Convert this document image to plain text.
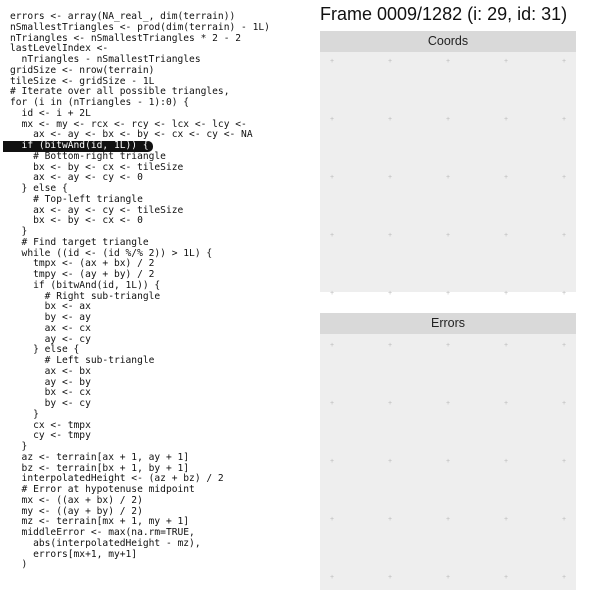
errors <- array(NA_real_, dim(terrain))
nSmallestTriangles <- prod(dim(terrain) - 1L)
nTriangles <- nSmallestTriangles * 2 - 2
lastLevelIndex <-
nTriangles - nSmallestTriangles
gridSize <- nrow(terrain)
tileSize <- gridSize - 1L
# Iterate over all possible triangles,
for (i in (nTriangles - 1):0) {
id <- i + 2L
mx <- my <- rcx <- rcy <- lcx <- lcy <-
ax <- ay <- bx <- by <- cx <- cy <- NA
if (bitwAnd(id, 1L)) {
# Bottom-right triangle
bx <- by <- cx <- tileSize
ax <- ay <- cy <- 0
} else {
# Top-left triangle
ax <- ay <- cy <- tileSize
bx <- by <- cx <- 0
}
# Find target triangle
while ((id <- (id %/% 2)) > 1L) {
tmpx <- (ax + bx) / 2
tmpy <- (ay + by) / 2
if (bitwAnd(id, 1L)) {
# Right sub-triangle
bx <- ax
by <- ay
ax <- cx
ay <- cy
} else {
# Left sub-triangle
ax <- bx
ay <- by
bx <- cx
by <- cy
}
cx <- tmpx
cy <- tmpy
}
az <- terrain[ax + 1, ay + 1]
bz <- terrain[bx + 1, by + 1]
interpolatedHeight <- (az + bz) / 2
# Error at hypotenuse midpoint
mx <- ((ax + bx) / 2)
my <- ((ay + by) / 2)
mz <- terrain[mx + 1, my + 1]
middleError <- max(na.rm=TRUE,
abs(interpolatedHeight - mz),
errors[mx+1, my+1]
)
Frame 0009/1282 (i: 29, id: 31)
Coords
+	+	+	+	+
+	+	+	+	+
+	+	+	+	+
+	+	+	+	+
+	+	+	+	+
Errors
+	+	+	+	+
+	+	+	+	+
+	+	+	+	+
+	+	+	+	+
+	+	+	+	+
